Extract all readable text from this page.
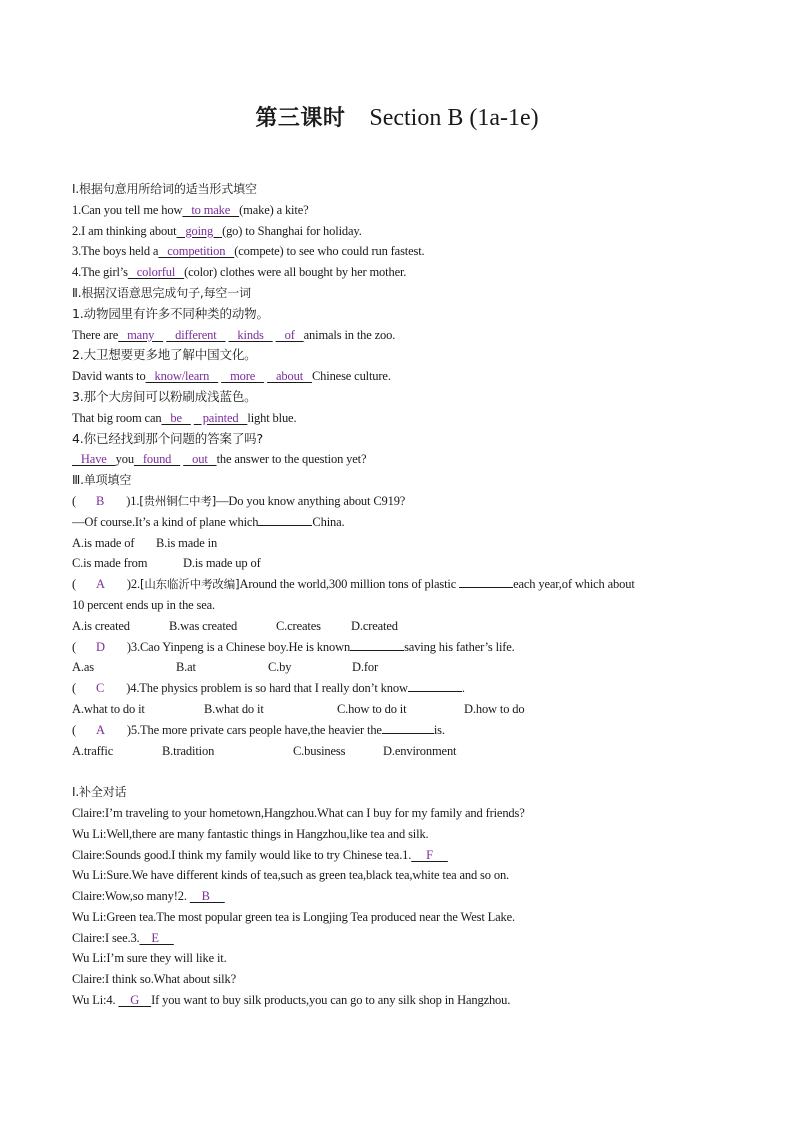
第三课时 Section B (1a-1e)
Ⅰ.根据句意用所给词的适当形式填空
1.Can you tell me how   to make   (make) a kite?
2.I am thinking about   going   (go) to Shanghai for holiday.
3.The boys held a   competition   (compete) to see who could run fastest.
4.The girl’s   colorful   (color) clothes were all bought by her mother.
Ⅱ.根据汉语意思完成句子,每空一词
1.动物园里有许多不同种类的动物。
There are   many       different       kinds       of   animals in the zoo.
2.大卫想要更多地了解中国文化。
David wants to   know/learn       more       about   Chinese culture.
3.那个大房间可以粉刷成浅蓝色。
That big room can   be       painted   light blue.
4.你已经找到那个问题的答案了吗?
Have   you   found       out   the answer to the question yet?
Ⅲ.单项填空
( B )1.[贵州铜仁中考]—Do you know anything about C919?
—Of course.It’s a kind of plane which	China.
A.is made of B.is made in
C.is made from	D.is made up of
( A )2.[山东临沂中考改编]Around the world,300 million tons of plastic	each year,of which about
10 percent ends up in the sea.
A.is created	B.was created	C.creates D.created
( D )3.Cao Yinpeng is a Chinese boy.He is known	saving his father’s life.
A.as	B.at	C.by	D.for
( C )4.The physics problem is so hard that I really don’t know	.
A.what to do it	B.what do it	C.how to do it	D.how to do
( A )5.The more private cars people have,the heavier the	is.
A.traffic	B.tradition	C.business	D.environment
Ⅰ.补全对话
Claire:I’m traveling to your hometown,Hangzhou.What can I buy for my family and friends?
Wu Li:Well,there are many fantastic things in Hangzhou,like tea and silk.
Claire:Sounds good.I think my family would like to try Chinese tea.1.     F
Wu Li:Sure.We have different kinds of tea,such as green tea,black tea,white tea and so on.
Claire:Wow,so many!2.     B
Wu Li:Green tea.The most popular green tea is Longjing Tea produced near the West Lake.
Claire:I see.3.    E
Wu Li:I’m sure they will like it.
Claire:I think so.What about silk?
Wu Li:4.     G    If you want to buy silk products,you can go to any silk shop in Hangzhou.
